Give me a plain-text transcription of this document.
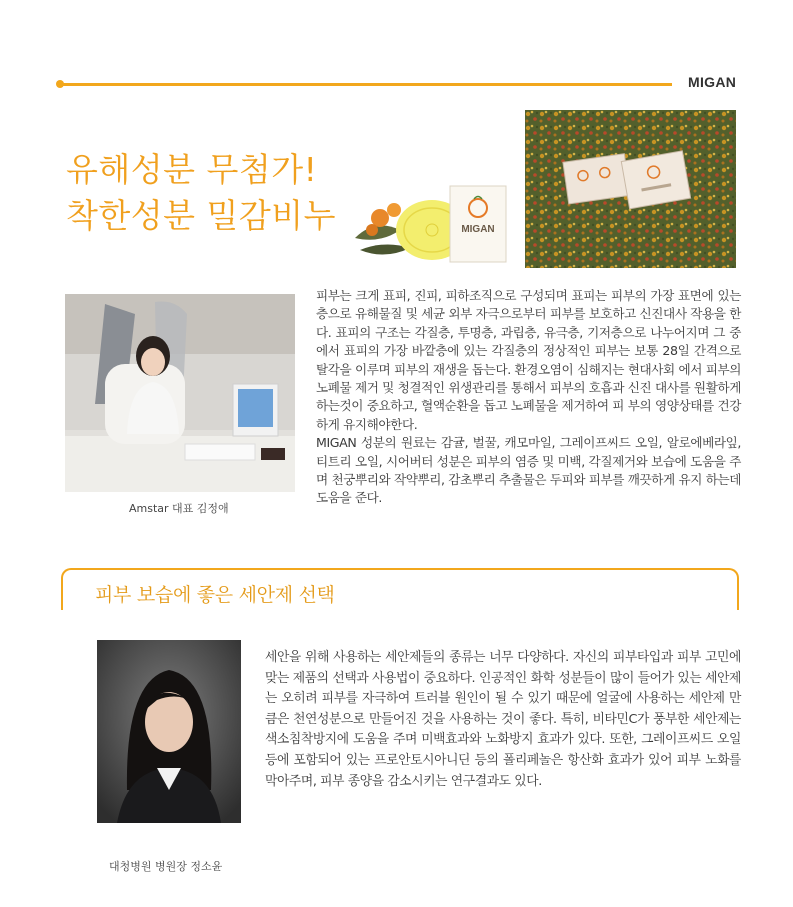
MIGAN
유해성분 무첨가!
착한성분 밀감비누	MIGAN
Amstar 대표 김정애

피부는 크게 표피, 진피, 피하조직으로 구성되며 표피는 피부의 가장 표면에 있는 층으로 유해물질 및 세균 외부 자극으로부터 피부를 보호하고 신진대사 작용을 한다. 표피의 구조는 각질층, 투명층, 과립층, 유극층, 기저층으로 나누어지며 그 중에서 표피의 가장 바깥층에 있는 각질층의 정상적인 피부는 보통 28일 간격으로 탈각을 이루며 피부의 재생을 돕는다. 환경오염이 심해지는 현대사회 에서 피부의 노폐물 제거 및 청결적인 위생관리를 통해서 피부의 호흡과 신진 대사를 원활하게 하는것이 중요하고, 혈액순환을 돕고 노폐물을 제거하여 피 부의 영양상태를 건강하게 유지해야한다.

MIGAN 성분의 원료는 감귤, 벌꿀, 캐모마일, 그레이프씨드 오일, 알로에베라잎, 티트리 오일, 시어버터 성분은 피부의 염증 및 미백, 각질제거와 보습에 도움을 주며 천궁뿌리와 작약뿌리, 감초뿌리 추출물은 두피와 피부를 깨끗하게 유지 하는데 도움을 준다.

피부 보습에 좋은 세안제 선택
대청병원 병원장 정소윤

세안을 위해 사용하는 세안제들의 종류는 너무 다양하다. 자신의 피부타입과 피부 고민에 맞는 제품의 선택과 사용법이 중요하다. 인공적인 화학 성분들이 많이 들어가 있는 세안제는 오히려 피부를 자극하여 트러블 원인이 될 수 있기 때문에 얼굴에 사용하는 세안제 만큼은 천연성분으로 만들어진 것을 사용하는 것이 좋다. 특히, 비타민C가 풍부한 세안제는 색소침착방지에 도움을 주며 미백효과와 노화방지 효과가 있다. 또한, 그레이프씨드 오일 등에 포함되어 있는 프로안토시아니딘 등의 폴리페놀은 항산화 효과가 있어 피부 노화를 막아주며, 피부 종양을 감소시키는 연구결과도 있다.
